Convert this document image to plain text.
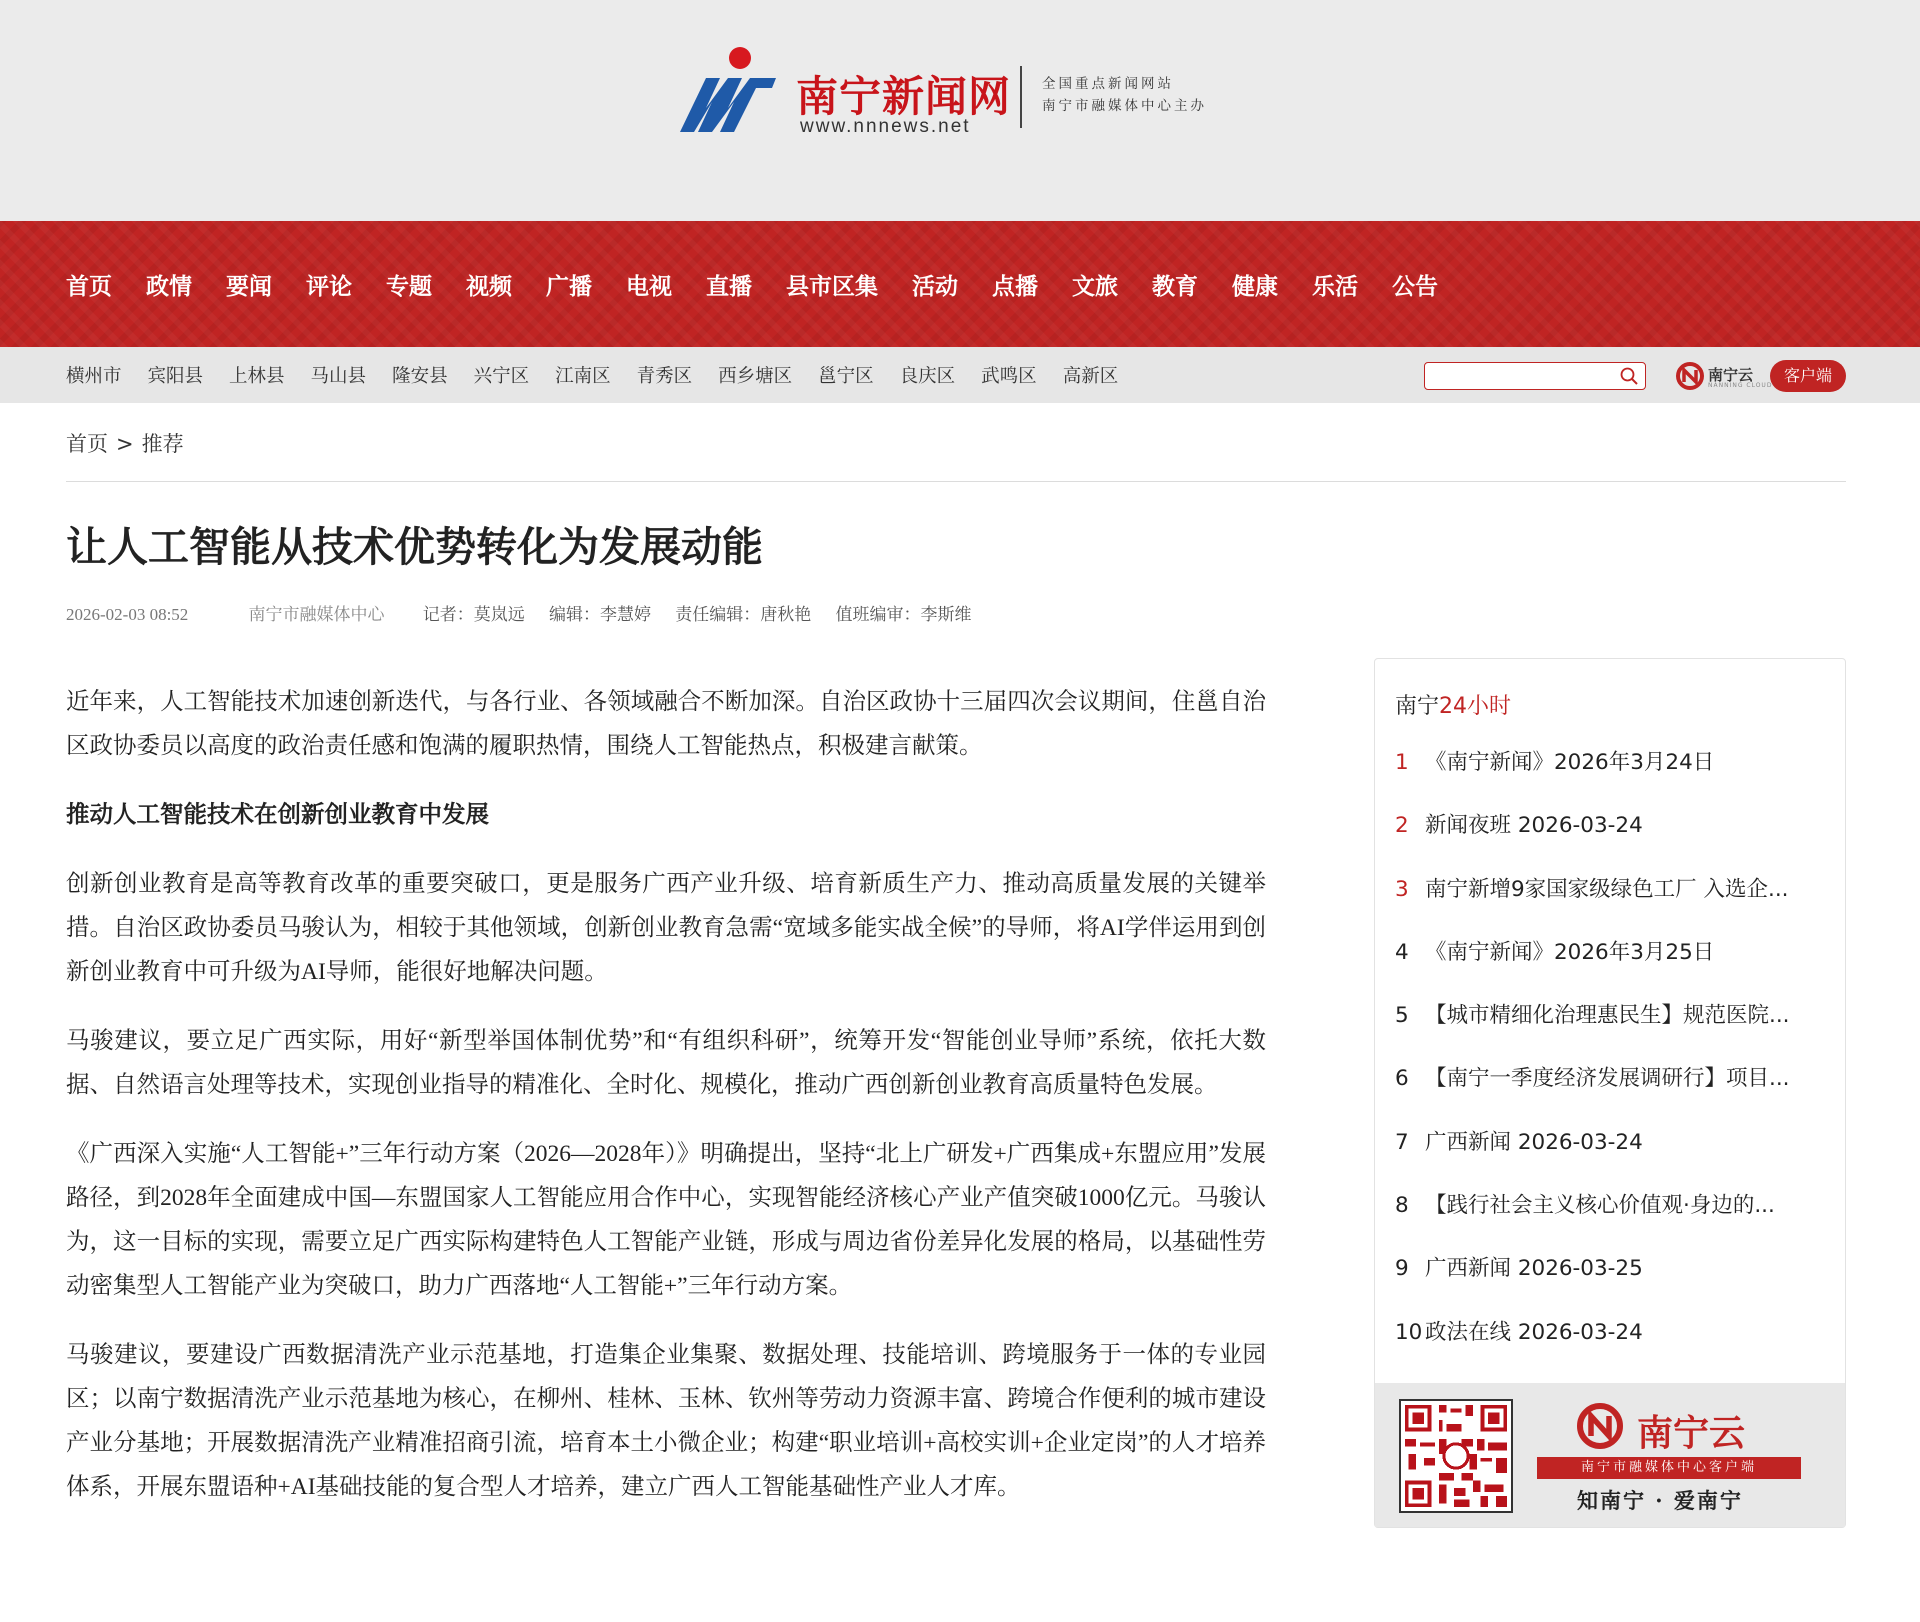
南宁新闻网
www.nnnews.net
全国重点新闻网站
南宁市融媒体中心主办
首页 政情 要闻 评论 专题 视频 广播 电视 直播 县市区集 活动 点播 文旅 教育 健康 乐活 公告
横州市 宾阳县 上林县 马山县 隆安县 兴宁区 江南区 青秀区 西乡塘区 邕宁区 良庆区 武鸣区 高新区	南宁云
NANNING CLOUD
客户端
首页 > 推荐
让人工智能从技术优势转化为发展动能
2026-02-03 08:52	南宁市融媒体中心 记者：莫岚远 编辑：李慧婷 责任编辑：唐秋艳 值班编审：李斯维

近年来，人工智能技术加速创新迭代，与各行业、各领域融合不断加深。自治区政协十三届四次会议期间，住邕自治区政协委员以高度的政治责任感和饱满的履职热情，围绕人工智能热点，积极建言献策。

推动人工智能技术在创新创业教育中发展

创新创业教育是高等教育改革的重要突破口，更是服务广西产业升级、培育新质生产力、推动高质量发展的关键举措。自治区政协委员马骏认为，相较于其他领域，创新创业教育急需“宽域多能实战全候”的导师，将AI学伴运用到创新创业教育中可升级为AI导师，能很好地解决问题。

马骏建议，要立足广西实际，用好“新型举国体制优势”和“有组织科研”，统筹开发“智能创业导师”系统，依托大数据、自然语言处理等技术，实现创业指导的精准化、全时化、规模化，推动广西创新创业教育高质量特色发展。

《广西深入实施“人工智能+”三年行动方案（2026—2028年）》明确提出，坚持“北上广研发+广西集成+东盟应用”发展路径，到2028年全面建成中国—东盟国家人工智能应用合作中心，实现智能经济核心产业产值突破1000亿元。马骏认为，这一目标的实现，需要立足广西实际构建特色人工智能产业链，形成与周边省份差异化发展的格局，以基础性劳动密集型人工智能产业为突破口，助力广西落地“人工智能+”三年行动方案。

马骏建议，要建设广西数据清洗产业示范基地，打造集企业集聚、数据处理、技能培训、跨境服务于一体的专业园区；以南宁数据清洗产业示范基地为核心，在柳州、桂林、玉林、钦州等劳动力资源丰富、跨境合作便利的城市建设产业分基地；开展数据清洗产业精准招商引流，培育本土小微企业；构建“职业培训+高校实训+企业定岗”的人才培养体系，开展东盟语种+AI基础技能的复合型人才培养，建立广西人工智能基础性产业人才库。

南宁24小时
1 《南宁新闻》2026年3月24日
2 新闻夜班 2026-03-24
3 南宁新增9家国家级绿色工厂 入选企...
4 《南宁新闻》2026年3月25日
5 【城市精细化治理惠民生】规范医院...
6 【南宁一季度经济发展调研行】项目...
7 广西新闻 2026-03-24
8 【践行社会主义核心价值观·身边的...
9 广西新闻 2026-03-25
10 政法在线 2026-03-24
南宁云
南宁市融媒体中心客户端
知南宁 · 爱南宁
